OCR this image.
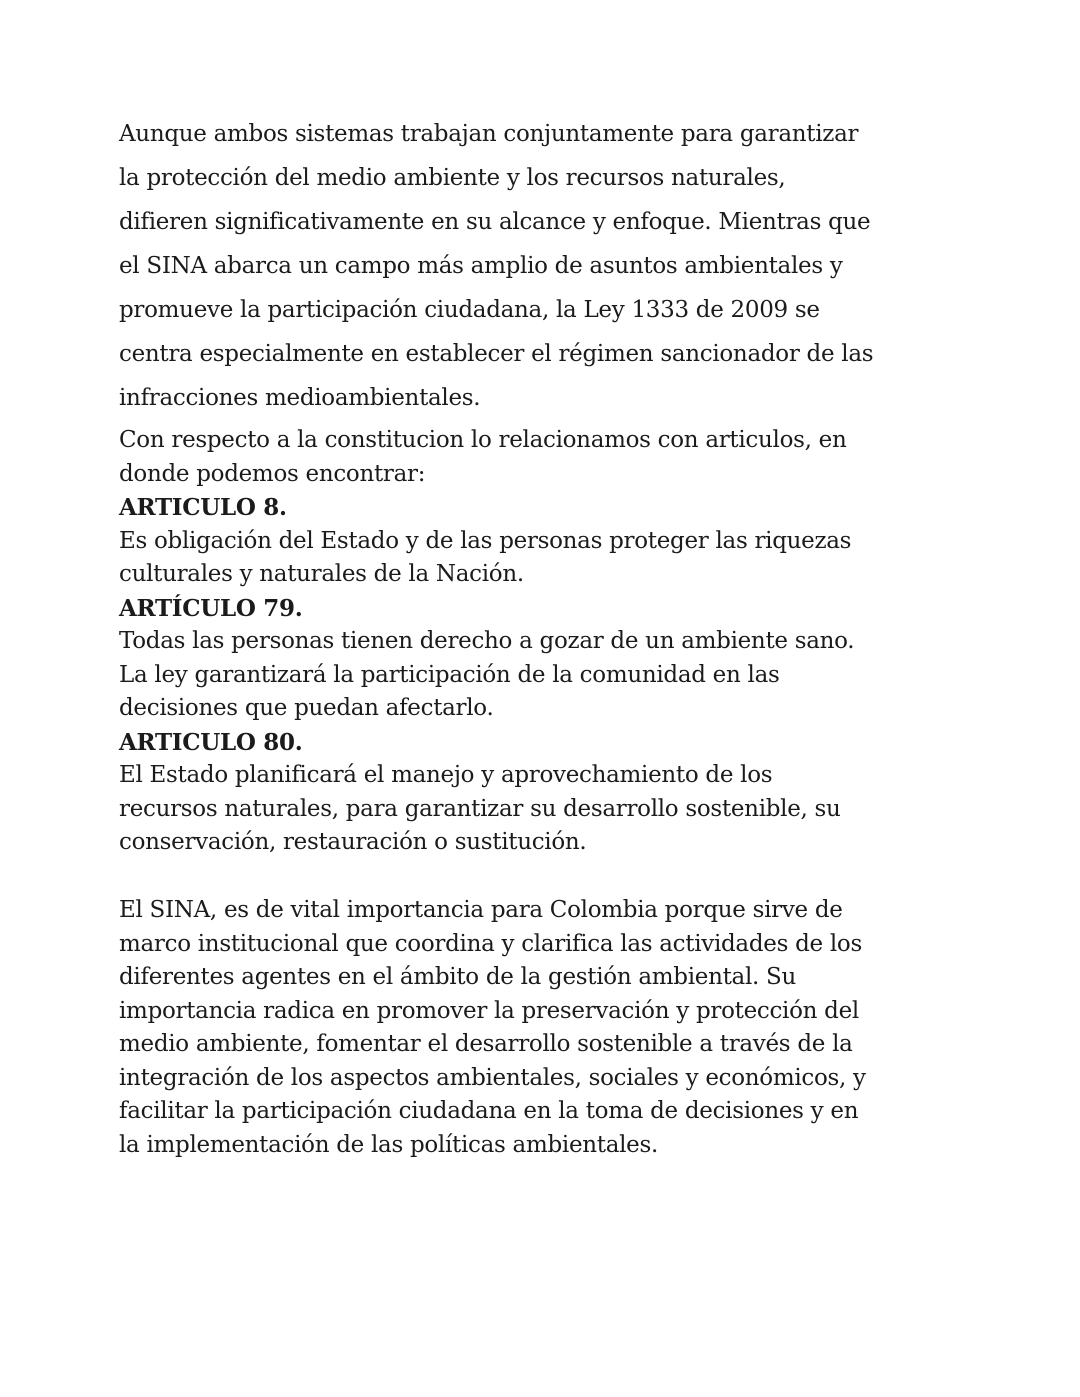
Aunque ambos sistemas trabajan conjuntamente para garantizar
la protección del medio ambiente y los recursos naturales,
difieren significativamente en su alcance y enfoque. Mientras que
el SINA abarca un campo más amplio de asuntos ambientales y
promueve la participación ciudadana, la Ley 1333 de 2009 se
centra especialmente en establecer el régimen sancionador de las
infracciones medioambientales.
Con respecto a la constitucion lo relacionamos con articulos, en
donde podemos encontrar:
ARTICULO 8.
Es obligación del Estado y de las personas proteger las riquezas
culturales y naturales de la Nación.
ARTÍCULO 79.
Todas las personas tienen derecho a gozar de un ambiente sano.
La ley garantizará la participación de la comunidad en las
decisiones que puedan afectarlo.
ARTICULO 80.
El Estado planificará el manejo y aprovechamiento de los
recursos naturales, para garantizar su desarrollo sostenible, su
conservación, restauración o sustitución.
El SINA, es de vital importancia para Colombia porque sirve de
marco institucional que coordina y clarifica las actividades de los
diferentes agentes en el ámbito de la gestión ambiental. Su
importancia radica en promover la preservación y protección del
medio ambiente, fomentar el desarrollo sostenible a través de la
integración de los aspectos ambientales, sociales y económicos, y
facilitar la participación ciudadana en la toma de decisiones y en
la implementación de las políticas ambientales.
